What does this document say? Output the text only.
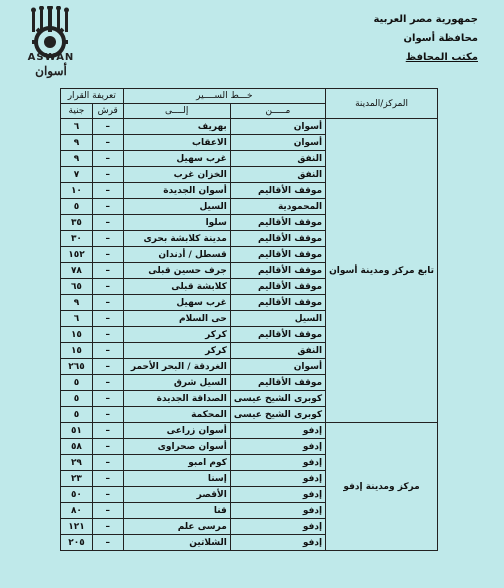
ASWAN
أسوان
جمهورية مصر العربية
محافظة أسوان
مكتب المحافظ
المركز/المدينة	خـــط الســــير		تعريفة القرار	
	مـــــن	إلــــى	قرش	جنية
تابع مركز ومدينة أسوان	أسوان	بهريف	–	٦
	أسوان	الاعقاب	–	٩
	النفق	غرب سهيل	–	٩
	النفق	الخزان غرب	–	٧
	موقف الأقاليم	أسوان الجديدة	–	١٠
	المحمودية	السيل	–	٥
	موقف الأقاليم	سلوا	–	٣٥
	موقف الأقاليم	مدينة كلابشة بحرى	–	٣٠
	موقف الأقاليم	قسطل / أدندان	–	١٥٢
	موقف الأقاليم	جرف حسين قبلى	–	٧٨
	موقف الأقاليم	كلابشة قبلى	–	٦٥
	موقف الأقاليم	غرب سهيل	–	٩
	السيل	حى السلام	–	٦
	موقف الأقاليم	كركر	–	١٥
	النفق	كركر	–	١٥
	أسوان	الغردقة / البحر الأحمر	–	٢٦٥
	موقف الأقاليم	السيل شرق	–	٥
	كوبرى الشيخ عيسى	الصداقة الجديدة	–	٥
	كوبرى الشيخ عيسى	المحكمة	–	٥
مركز ومدينة إدفو	إدفو	أسوان زراعى	–	٥١
	إدفو	أسوان صحراوى	–	٥٨
	إدفو	كوم امبو	–	٢٩
	إدفو	إسنا	–	٢٣
	إدفو	الأقصر	–	٥٠
	إدفو	قنا	–	٨٠
	إدفو	مرسى علم	–	١٢١
	إدفو	الشلاتين	–	٢٠٥
